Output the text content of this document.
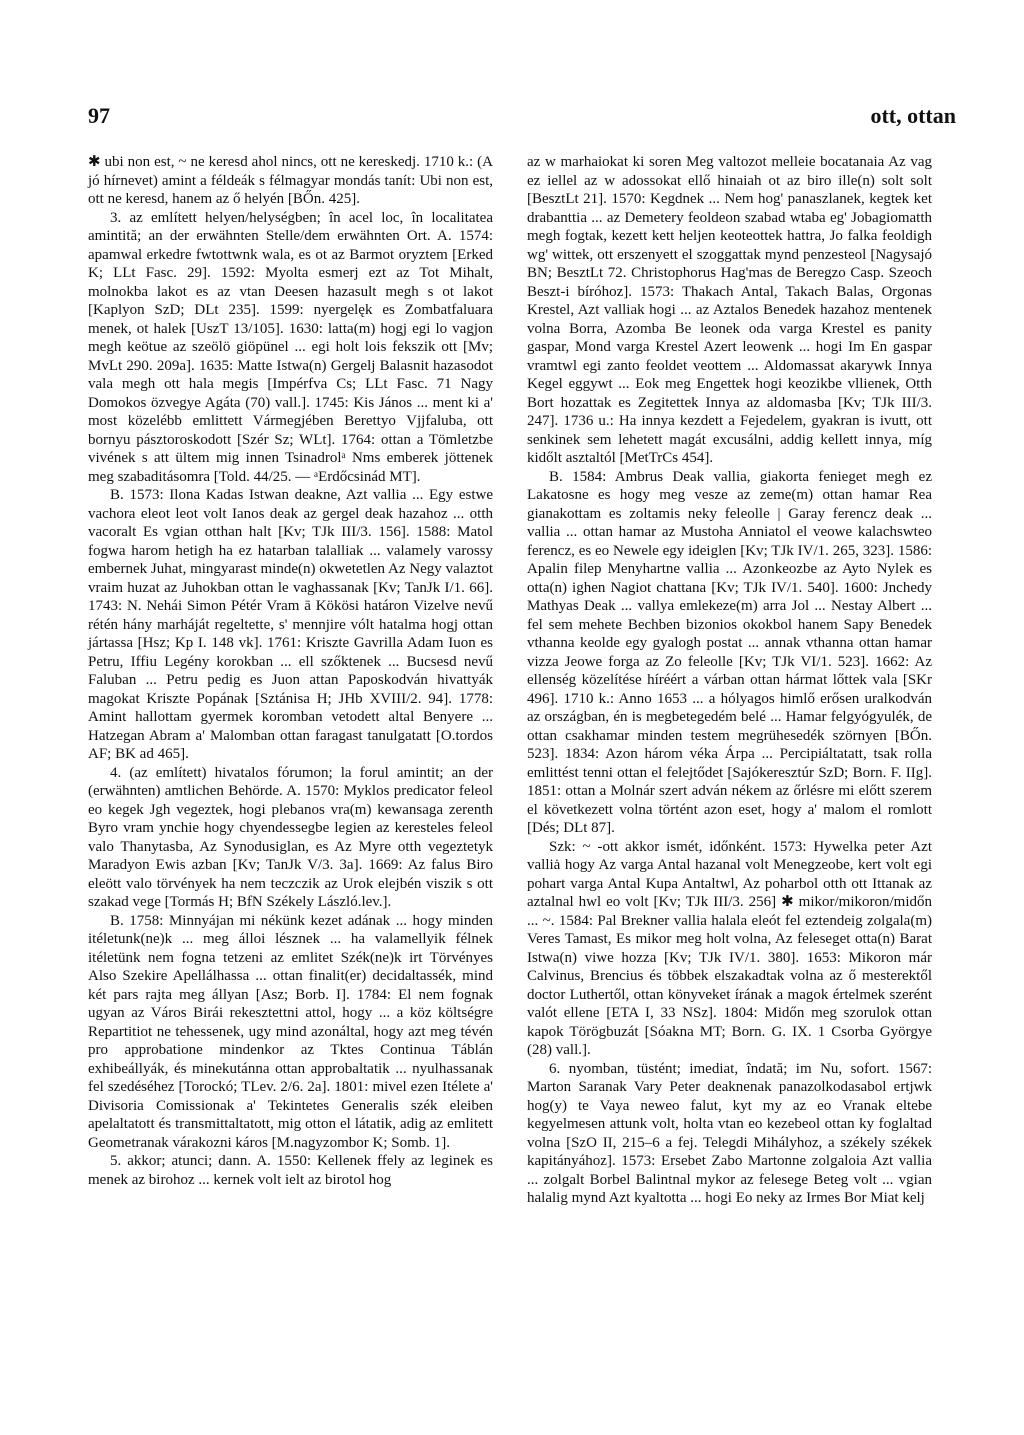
97	ott, ottan

✱ ubi non est, ~ ne keresd ahol nincs, ott ne kereskedj. 1710 k.: (A jó hírnevet) amint a féldeák s félmagyar mondás tanít: Ubi non est, ott ne keresd, hanem az ő helyén [BŐn. 425].

3. az említett helyen/helységben; în acel loc, în localitatea amintită; an der erwähnten Stelle/dem erwähnten Ort. A. 1574: apamwal erkedre fwtottwnk wala, es ot az Barmot oryztem [Erked K; LLt Fasc. 29]. 1592: Myolta esmerj ezt az Tot Mihalt, molnokba lakot es az vtan Deesen hazasult megh s ot lakot [Kaplyon SzD; DLt 235]. 1599: nyergelęk es Zombatfaluara menek, ot halek [UszT 13/105]. 1630: latta(m) hogj egi lo vagjon megh keötue az szeölö giöpünel ... egi holt lois fekszik ott [Mv; MvLt 290. 209a]. 1635: Matte Istwa(n) Gergelj Balasnit hazasodot vala megh ott hala megis [Impérfva Cs; LLt Fasc. 71 Nagy Domokos özvegye Agáta (70) vall.]. 1745: Kis János ... ment ki a' most közelébb emlittett Vármegjében Berettyo Vjjfaluba, ott bornyu pásztoroskodott [Szér Sz; WLt]. 1764: ottan a Tömletzbe vivének s att ültem mig innen Tsinadrolᵃ Nms emberek jöttenek meg szabaditásomra [Told. 44/25. — ᵃErdőcsinád MT].

B. 1573: Ilona Kadas Istwan deakne, Azt vallia ... Egy estwe vachora eleot leot volt Ianos deak az gergel deak hazahoz ... otth vacoralt Es vgian otthan halt [Kv; TJk III/3. 156]. 1588: Matol fogwa harom hetigh ha ez hatarban talalliak ... valamely varossy embernek Juhat, mingyarast minde(n) okwetetlen Az Negy valaztot vraim huzat az Juhokban ottan le vaghassanak [Kv; TanJk I/1. 66]. 1743: N. Nehái Simon Pétér Vram ā Kökösi határon Vizelve nevű rétén hány marháját regeltette, s' mennjire vólt hatalma hogj ottan jártassa [Hsz; Kp I. 148 vk]. 1761: Kriszte Gavrilla Adam Iuon es Petru, Iffiu Legény korokban ... ell szőktenek ... Bucsesd nevű Faluban ... Petru pedig es Juon attan Paposkodván hivattyák magokat Kriszte Popának [Sztánisa H; JHb XVIII/2. 94]. 1778: Amint hallottam gyermek koromban vetodett altal Benyere ... Hatzegan Abram a' Malomban ottan faragast tanulgatatt [O.tordos AF; BK ad 465].

4. (az említett) hivatalos fórumon; la forul amintit; an der (erwähnten) amtlichen Behörde. A. 1570: Myklos predicator feleol eo kegek Jgh vegeztek, hogi plebanos vra(m) kewansaga zerenth Byro vram ynchie hogy chyendessegbe legien az keresteles feleol valo Thanytasba, Az Synodusiglan, es Az Myre otth vegeztetyk Maradyon Ewis azban [Kv; TanJk V/3. 3a]. 1669: Az falus Biro eleött valo törvények ha nem teczczik az Urok elejbén viszik s ott szakad vege [Tormás H; BfN Székely László.lev.].

B. 1758: Minnyájan mi nékünk kezet adának ... hogy minden itéletunk(ne)k ... meg álloi lésznek ... ha valamellyik félnek itéletünk nem fogna tetzeni az emlitet Szék(ne)k irt Törvényes Also Szekire Apellálhassa ... ottan finalit(er) decidaltassék, mind két pars rajta meg állyan [Asz; Borb. I]. 1784: El nem fognak ugyan az Város Birái rekesztettni attol, hogy ... a köz költségre Repartitiot ne tehessenek, ugy mind azonáltal, hogy azt meg tévén pro approbatione mindenkor az Tktes Continua Táblán exhibeállyák, és minekutánna ottan approbaltatik ... nyulhassanak fel szedéséhez [Torockó; TLev. 2/6. 2a]. 1801: mivel ezen Itélete a' Divisoria Comissionak a' Tekintetes Generalis szék eleiben apelaltatott és transmittaltatott, mig otton el látatik, adig az emlitett Geometranak várakozni káros [M.nagyzombor K; Somb. 1].

5. akkor; atunci; dann. A. 1550: Kellenek ffely az leginek es menek az birohoz ... kernek volt ielt az birotol hog

az w marhaiokat ki soren Meg valtozot melleie bocatanaia Az vag ez iellel az w adossokat ellő hinaiah ot az biro ille(n) solt solt [BesztLt 21]. 1570: Kegdnek ... Nem hog' panaszlanek, kegtek ket drabanttia ... az Demetery feoldeon szabad wtaba eg' Jobagiomatth megh fogtak, kezett kett heljen keoteottek hattra, Jo falka feoldigh wg' wittek, ott erszenyett el szoggattak mynd penzesteol [Nagysajó BN; BesztLt 72. Christophorus Hag'mas de Beregzo Casp. Szeoch Beszt-i bíróhoz]. 1573: Thakach Antal, Takach Balas, Orgonas Krestel, Azt valliak hogi ... az Aztalos Benedek hazahoz mentenek volna Borra, Azomba Be leonek oda varga Krestel es panity gaspar, Mond varga Krestel Azert leowenk ... hogi Im En gaspar vramtwl egi zanto feoldet veottem ... Aldomassat akarywk Innya Kegel eggywt ... Eok meg Engettek hogi keozikbe vllienek, Otth Bort hozattak es Zegitettek Innya az aldomasba [Kv; TJk III/3. 247]. 1736 u.: Ha innya kezdett a Fejedelem, gyakran is ivutt, ott senkinek sem lehetett magát excusálni, addig kellett innya, míg kidőlt asztaltól [MetTrCs 454].

B. 1584: Ambrus Deak vallia, giakorta fenieget megh ez Lakatosne es hogy meg vesze az zeme(m) ottan hamar Rea gianakottam es zoltamis neky feleolle | Garay ferencz deak ... vallia ... ottan hamar az Mustoha Anniatol el veowe kalachswteo ferencz, es eo Newele egy ideiglen [Kv; TJk IV/1. 265, 323]. 1586: Apalin filep Menyhartne vallia ... Azonkeozbe az Ayto Nylek es otta(n) ighen Nagiot chattana [Kv; TJk IV/1. 540]. 1600: Jnchedy Mathyas Deak ... vallya emlekeze(m) arra Jol ... Nestay Albert ... fel sem mehete Bechben bizonios okokbol hanem Sapy Benedek vthanna keolde egy gyalogh postat ... annak vthanna ottan hamar vizza Jeowe forga az Zo feleolle [Kv; TJk VI/1. 523]. 1662: Az ellenség közelítése híréért a várban ottan hármat lőttek vala [SKr 496]. 1710 k.: Anno 1653 ... a hólyagos himlő erősen uralkodván az országban, én is megbetegedém belé ... Hamar felgyógyulék, de ottan csakhamar minden testem megrühesedék szörnyen [BŐn. 523]. 1834: Azon három véka Árpa ... Percipiáltatatt, tsak rolla emlittést tenni ottan el felejtődet [Sajókeresztúr SzD; Born. F. IIg]. 1851: ottan a Molnár szert adván nékem az őrlésre mi előtt szerem el következett volna történt azon eset, hogy a' malom el romlott [Dés; DLt 87].

Szk: ~ -ott akkor ismét, időnként. 1573: Hywelka peter Azt valliȧ hogy Az varga Antal hazanal volt Menegzeobe, kert volt egi pohart varga Antal Kupa Antaltwl, Az poharbol otth ott Ittanak az aztalnal hwl eo volt [Kv; TJk III/3. 256] ✱ mikor/mikoron/midőn ... ~. 1584: Pal Brekner vallia halala eleót fel eztendeig zolgala(m) Veres Tamast, Es mikor meg holt volna, Az feleseget otta(n) Barat Istwa(n) viwe hozza [Kv; TJk IV/1. 380]. 1653: Mikoron már Calvinus, Brencius és többek elszakadtak volna az ő mesterektől doctor Luthertől, ottan könyveket írának a magok értelmek szerént valót ellene [ETA I, 33 NSz]. 1804: Midőn meg szorulok ottan kapok Törögbuzát [Sóakna MT; Born. G. IX. 1 Csorba Györgye (28) vall.].

6. nyomban, tüstént; imediat, îndată; im Nu, sofort. 1567: Marton Saranak Vary Peter deaknenak panazolkodasabol ertjwk hog(y) te Vaya neweo falut, kyt my az eo Vranak eltebe kegyelmesen attunk volt, holta vtan eo kezebeol ottan ky foglaltad volna [SzO II, 215–6 a fej. Telegdi Mihályhoz, a székely székek kapitányához]. 1573: Ersebet Zabo Martonne zolgaloia Azt vallia ... zolgalt Borbel Balintnal mykor az felesege Beteg volt ... vgian halalig mynd Azt kyaltotta ... hogi Eo neky az Irmes Bor Miat kelj
